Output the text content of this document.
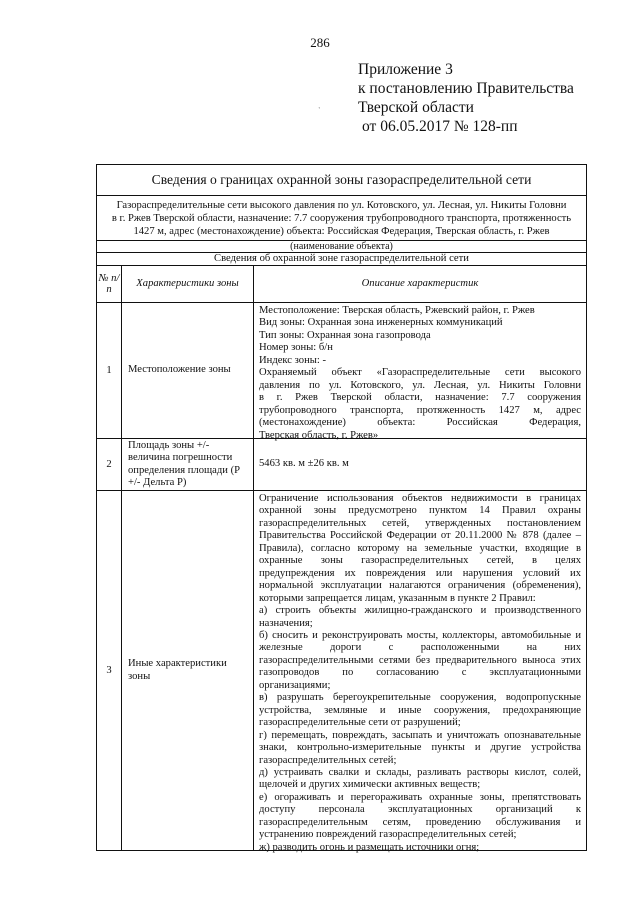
286
Приложение 3
к постановлению Правительства
Тверской области
от 06.05.2017 № 128-пп
ˑ
Сведения о границах охранной зоны газораспределительной сети
Газораспределительные сети высокого давления по ул. Котовского, ул. Лесная, ул. Никиты Головни
в г. Ржев Тверской области, назначение: 7.7 сооружения трубопроводного транспорта, протяженность
1427 м, адрес (местонахождение) объекта: Российская Федерация, Тверская область, г. Ржев
(наименование объекта)
Сведения об охранной зоне газораспределительной сети
№ п/п
Характеристики зоны	Описание характеристик
1	Местоположение зоны
Местоположение: Тверская область, Ржевский район, г. Ржев
Вид зоны: Охранная зона инженерных коммуникаций
Тип зоны: Охранная зона газопровода
Номер зоны: б/н
Индекс зоны: -
Охраняемый объект «Газораспределительные сети высокого
давления по ул. Котовского, ул. Лесная, ул. Никиты Головни
в г. Ржев Тверской области, назначение: 7.7 сооружения
трубопроводного транспорта, протяженность 1427 м, адрес
(местонахождение) объекта: Российская Федерация,
Тверская область, г. Ржев»
2
Площадь зоны +/- величина погрешности определения площади (Р +/- Дельта Р)
5463 кв. м ±26 кв. м
3
Иные характеристики зоны
Ограничение использования объектов недвижимости в границах
охранной зоны предусмотрено пунктом 14 Правил охраны
газораспределительных сетей, утвержденных постановлением
Правительства Российской Федерации от 20.11.2000 № 878 (далее –
Правила), согласно которому на земельные участки, входящие в
охранные зоны газораспределительных сетей, в целях
предупреждения их повреждения или нарушения условий их
нормальной эксплуатации налагаются ограничения (обременения),
которыми запрещается лицам, указанным в пункте 2 Правил:
а) строить объекты жилищно-гражданского и производственного
назначения;
б) сносить и реконструировать мосты, коллекторы, автомобильные и
железные дороги с расположенными на них
газораспределительными сетями без предварительного выноса этих
газопроводов по согласованию с эксплуатационными
организациями;
в) разрушать берегоукрепительные сооружения, водопропускные
устройства, земляные и иные сооружения, предохраняющие
газораспределительные сети от разрушений;
г) перемещать, повреждать, засыпать и уничтожать опознавательные
знаки, контрольно-измерительные пункты и другие устройства
газораспределительных сетей;
д) устраивать свалки и склады, разливать растворы кислот, солей,
щелочей и других химически активных веществ;
е) огораживать и перегораживать охранные зоны, препятствовать
доступу персонала эксплуатационных организаций к
газораспределительным сетям, проведению обслуживания и
устранению повреждений газораспределительных сетей;
ж) разводить огонь и размещать источники огня;
